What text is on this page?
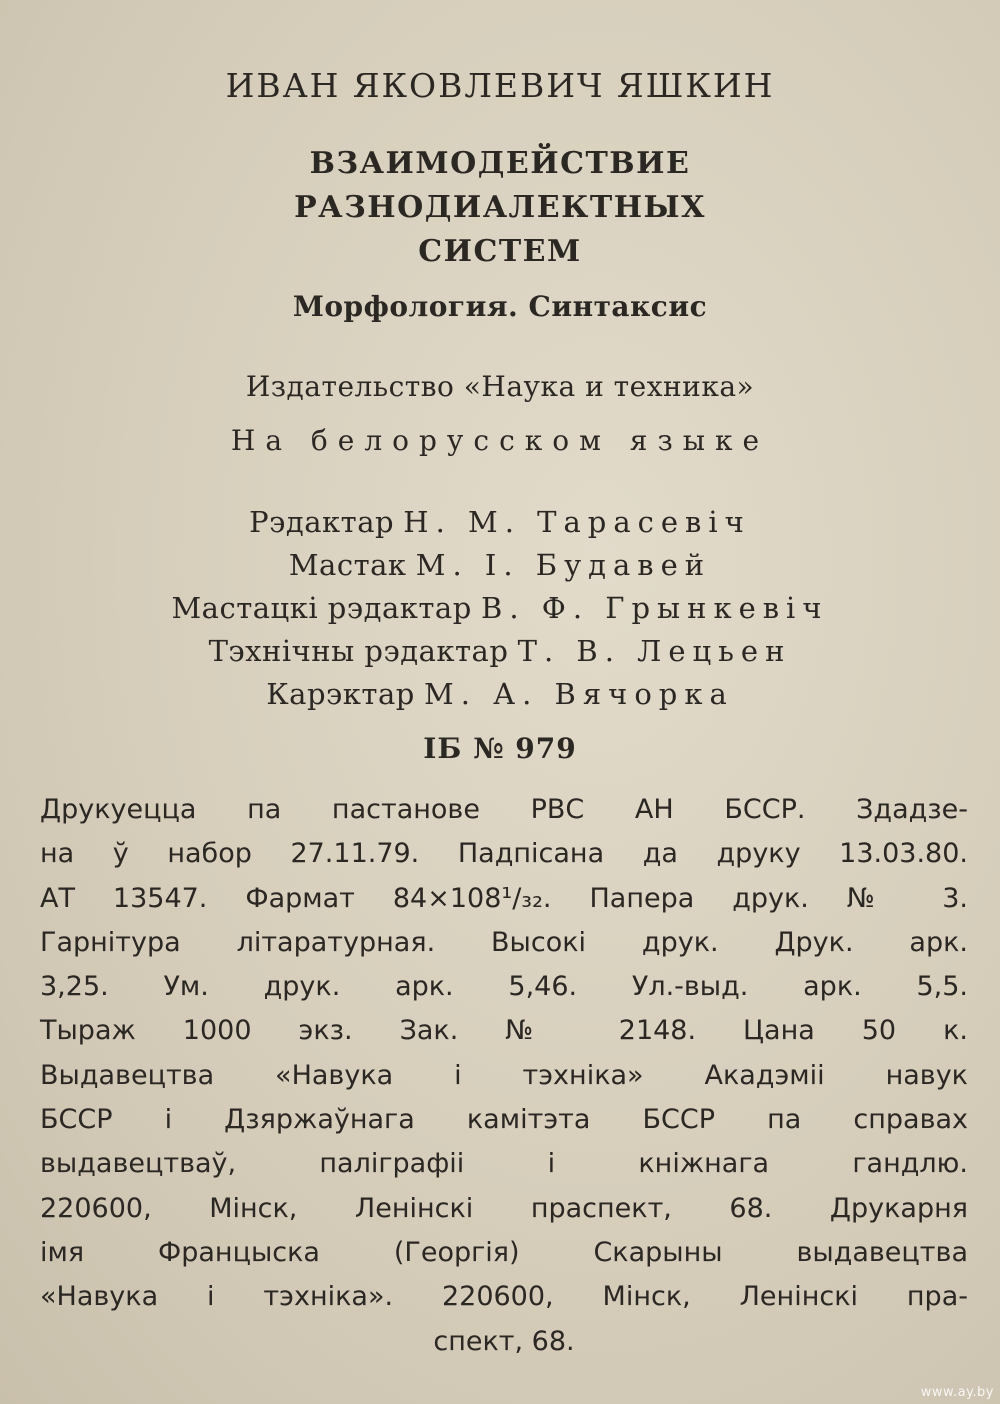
ИВАН ЯКОВЛЕВИЧ ЯШКИН
ВЗАИМОДЕЙСТВИЕ
РАЗНОДИАЛЕКТНЫХ
СИСТЕМ
Морфология. Синтаксис
Издательство «Наука и техника»
На белорусском языке
Рэдактар Н. М. Тарасевіч
Мастак М. І. Будавей
Мастацкі рэдактар В. Ф. Грынкевіч
Тэхнічны рэдактар Т. В. Лецьен
Карэктар М. А. Вячорка
ІБ № 979
Друкуецца па пастанове РВС АН БССР. Здадзе-
на ў набор 27.11.79. Падпісана да друку 13.03.80.
АТ 13547. Фармат 84×108¹/₃₂. Папера друк. № 3.
Гарнітура літаратурная. Высокі друк. Друк. арк.
3,25. Ум. друк. арк. 5,46. Ул.-выд. арк. 5,5.
Тыраж 1000 экз. Зак. № 2148. Цана 50 к.
Выдавецтва «Навука і тэхніка» Акадэміі навук
БССР і Дзяржаўнага камітэта БССР па справах
выдавецтваў, паліграфіі і кніжнага гандлю.
220600, Мінск, Ленінскі праспект, 68. Друкарня
імя Францыска (Георгія) Скарыны выдавецтва
«Навука і тэхніка». 220600, Мінск, Ленінскі пра-
спект, 68.
www.ay.by
